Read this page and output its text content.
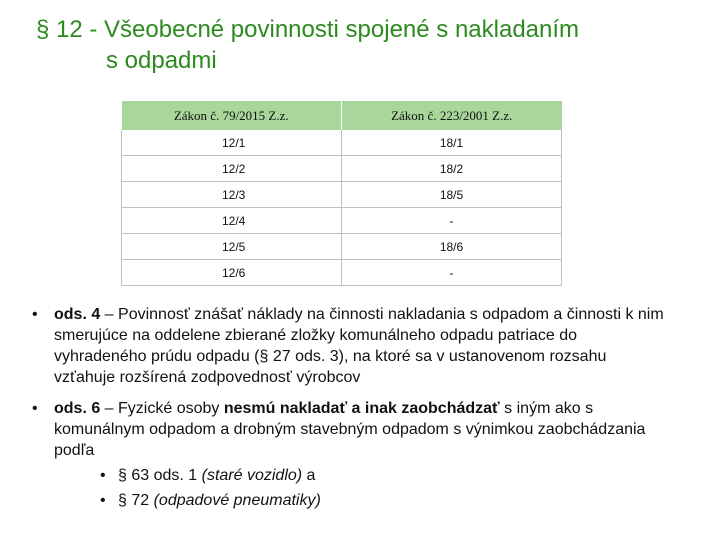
§ 12 - Všeobecné povinnosti spojené s nakladaním
s odpadmi
Zákon č. 79/2015 Z.z.	Zákon č. 223/2001 Z.z.
12/1	18/1
12/2	18/2
12/3	18/5
12/4	-
12/5	18/6
12/6	-
• ods. 4 – Povinnosť znášať náklady na činnosti nakladania s odpadom a činnosti k nim smerujúce na oddelene zbierané zložky komunálneho odpadu patriace do vyhradeného prúdu odpadu (§ 27 ods. 3), na ktoré sa v ustanovenom rozsahu vzťahuje rozšírená zodpovednosť výrobcov
• ods. 6 – Fyzické osoby nesmú nakladať a inak zaobchádzať s iným ako s komunálnym odpadom a drobným stavebným odpadom s výnimkou zaobchádzania podľa
• § 63 ods. 1 (staré vozidlo) a
• § 72 (odpadové pneumatiky)
